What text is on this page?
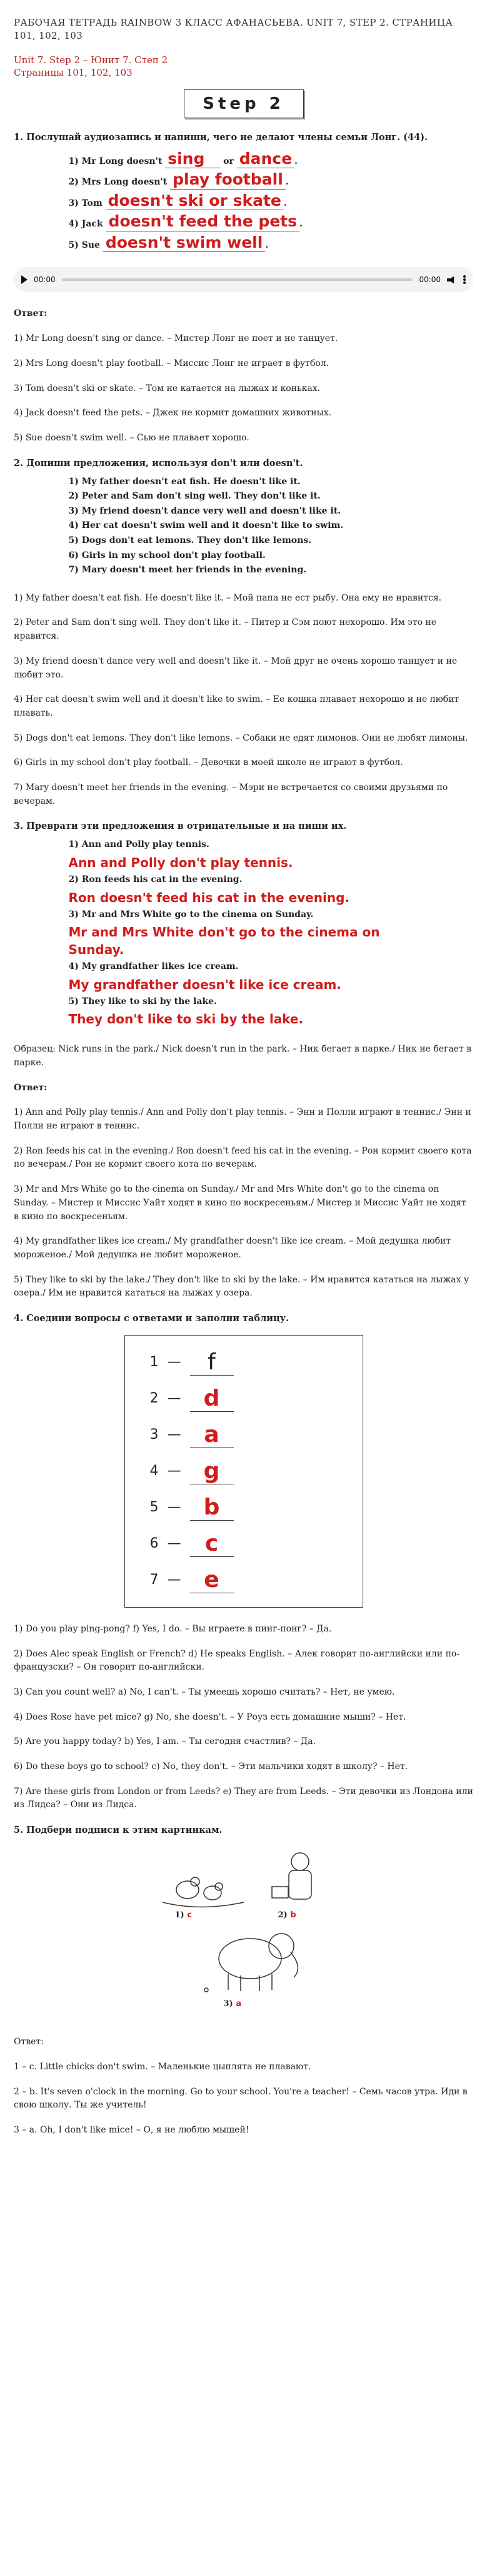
РАБОЧАЯ ТЕТРАДЬ RAINBOW 3 КЛАСС АФАНАСЬЕВА. UNIT 7, STEP 2. СТРАНИЦА 101, 102, 103
Unit 7. Step 2 – Юнит 7. Степ 2
Страницы 101, 102, 103
Step 2
1. Послушай аудиозапись и напиши, чего не делают члены семьи Лонг. (44).
1) Mr Long doesn't sing or dance .
2) Mrs Long doesn't play football .
3) Tom doesn't ski or skate .
4) Jack doesn't feed the pets .
5) Sue doesn't swim well .
00:00	00:00

Ответ:

1) Mr Long doesn't sing or dance. – Мистер Лонг не поет и не танцует.

2) Mrs Long doesn't play football. – Миссис Лонг не играет в футбол.

3) Tom doesn't ski or skate. – Том не катается на лыжах и коньках.

4) Jack doesn't feed the pets. – Джек не кормит домашних животных.

5) Sue doesn't swim well. – Сью не плавает хорошо.

2. Допиши предложения, используя don't или doesn't.
1) My father doesn't eat fish. He doesn't like it.
2) Peter and Sam don't sing well. They don't like it.
3) My friend doesn't dance very well and doesn't like it.
4) Her cat doesn't swim well and it doesn't like to swim.
5) Dogs don't eat lemons. They don't like lemons.
6) Girls in my school don't play football.
7) Mary doesn't meet her friends in the evening.

1) My father doesn't eat fish. He doesn't like it. – Мой папа не ест рыбу. Она ему не нравится.

2) Peter and Sam don't sing well. They don't like it. – Питер и Сэм поют нехорошо. Им это не нравится.

3) My friend doesn't dance very well and doesn't like it. – Мой друг не очень хорошо танцует и не любит это.

4) Her cat doesn't swim well and it doesn't like to swim. – Ее кошка плавает нехорошо и не любит плавать.

5) Dogs don't eat lemons. They don't like lemons. – Собаки не едят лимонов. Они не любят лимоны.

6) Girls in my school don't play football. – Девочки в моей школе не играют в футбол.

7) Mary doesn't meet her friends in the evening. – Мэри не встречается со своими друзьями по вечерам.

3. Преврати эти предложения в отрицательные и на пиши их.
1) Ann and Polly play tennis.
Ann and Polly don't play tennis.
2) Ron feeds his cat in the evening.
Ron doesn't feed his cat in the evening.
3) Mr and Mrs White go to the cinema on Sunday.
Mr and Mrs White don't go to the cinema on Sunday.
4) My grandfather likes ice cream.
My grandfather doesn't like ice cream.
5) They like to ski by the lake.
They don't like to ski by the lake.

Образец: Nick runs in the park./ Nick doesn't run in the park. – Ник бегает в парке./ Ник не бегает в парке.

Ответ:

1) Ann and Polly play tennis./ Ann and Polly don't play tennis. – Энн и Полли играют в теннис./ Энн и Полли не играют в теннис.

2) Ron feeds his cat in the evening./ Ron doesn't feed his cat in the evening. – Рон кормит своего кота по вечерам./ Рон не кормит своего кота по вечерам.

3) Mr and Mrs White go to the cinema on Sunday./ Mr and Mrs White don't go to the cinema on Sunday. – Мистер и Миссис Уайт ходят в кино по воскресеньям./ Мистер и Миссис Уайт не ходят в кино по воскресеньям.

4) My grandfather likes ice cream./ My grandfather doesn't like ice cream. – Мой дедушка любит мороженое./ Мой дедушка не любит мороженое.

5) They like to ski by the lake./ They don't like to ski by the lake. – Им нравится кататься на лыжах у озера./ Им не нравится кататься на лыжах у озера.

4. Соедини вопросы с ответами и заполни таблицу.
1 —	f
2 —	d
3 —	a
4 —	g
5 —	b
6 —	c
7 —	e

1) Do you play ping-pong? f) Yes, I do. – Вы играете в пинг-понг? – Да.

2) Does Alec speak English or French? d) He speaks English. – Алек говорит по-английски или по-французски? – Он говорит по-английски.

3) Can you count well? a) No, I can't. – Ты умеешь хорошо считать? – Нет, не умею.

4) Does Rose have pet mice? g) No, she doesn't. – У Роуз есть домашние мыши? – Нет.

5) Are you happy today? b) Yes, I am. – Ты сегодня счастлив? – Да.

6) Do these boys go to school? c) No, they don't. – Эти мальчики ходят в школу? – Нет.

7) Are these girls from London or from Leeds? e) They are from Leeds. – Эти девочки из Лондона или из Лидса? – Они из Лидса.

5. Подбери подписи к этим картинкам.
1) c	2) b
3) a

Ответ:

1 – c. Little chicks don't swim. – Маленькие цыплята не плавают.

2 – b. It's seven o'clock in the morning. Go to your school. You're a teacher! – Семь часов утра. Иди в свою школу. Ты же учитель!

3 – a. Oh, I don't like mice! – О, я не люблю мышей!
